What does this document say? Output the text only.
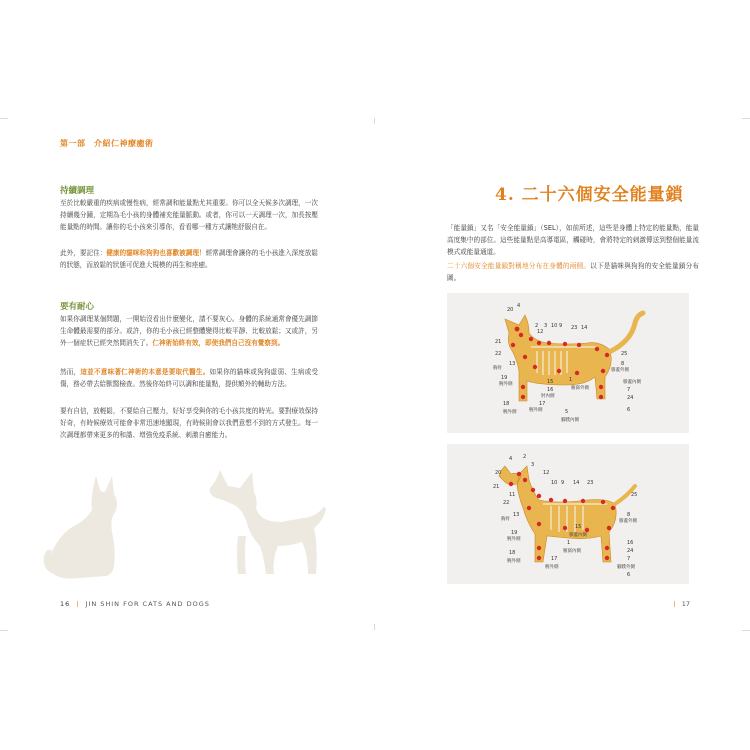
第一部　介紹仁神療癒術
持續調理

至於比較嚴重的疾病或慢性病，經常調和能量點尤其重要。你可以全天候多次調理，一次持續幾分鐘，定期為毛小孩的身體補充能量脈動。或者，你可以一天調理一次，加長按壓能量點的時間。讓你的毛小孩來引導你，看看哪一種方式讓牠舒服自在。

此外，要記住：健康的貓咪和狗狗也喜歡被調理！經常調理會讓你的毛小孩進入深度放鬆的狀態，而放鬆的狀態可促進大規模的再生和痊癒。

要有耐心

如果你調理某個問題，一開始沒看出什麼變化，請不要灰心。身體的系統通常會優先調節生命體最需要的部分。或許，你的毛小孩已經整體變得比較平靜、比較放鬆；又或許，另外一個症狀已經突然間消失了。仁神術始終有效，即使我們自己沒有覺察到。

然而，這並不意味著仁神術的本意是要取代醫生。如果你的貓咪或狗狗虛弱、生病或受傷，務必帶去給獸醫檢查。然後你始終可以調和能量點，提供額外的輔助方法。

要有自信，放輕鬆，不要給自己壓力，好好享受與你的毛小孩共度的時光。要對療效保持好奇，有時候療效可能會非常迅速地顯現，有時候則會以我們意想不到的方式發生。每一次調理都帶來更多的和諧、增強免疫系統、刺激自癒能力。

16 | JIN SHIN FOR CATS AND DOGS
4. 二十六個安全能量鎖

「能量鎖」又名「安全能量鎖」（SEL），如前所述，這些是身體上特定的能量點，能量高度集中的部位。這些能量點是高導電區，觸碰時，會將特定的刺激傳送到整個能量流模式或能量通道。

二十六個安全能量鎖對稱地分布在身體的兩側。以下是貓咪與狗狗的安全能量鎖分布圖。

20
4
2 3 10 9 23 14
12
21
22	25
胸骨
13	8
膝蓋外側
19
膝蓋內側
15
腕外側
1
腋窩外側	7
16
肘內側	24
18	17
腕外側	6
腕外側	5
腳蹼內側
20
4 2
3
12
10 9 14 23
21
11
22
25
胸骨
13	8
膝蓋外側
19
15
膝蓋內側
腕外側
1
腋窩內側
16
24
18
17	7
腕外側
腳蹼外側
腕外側
6
| 17
